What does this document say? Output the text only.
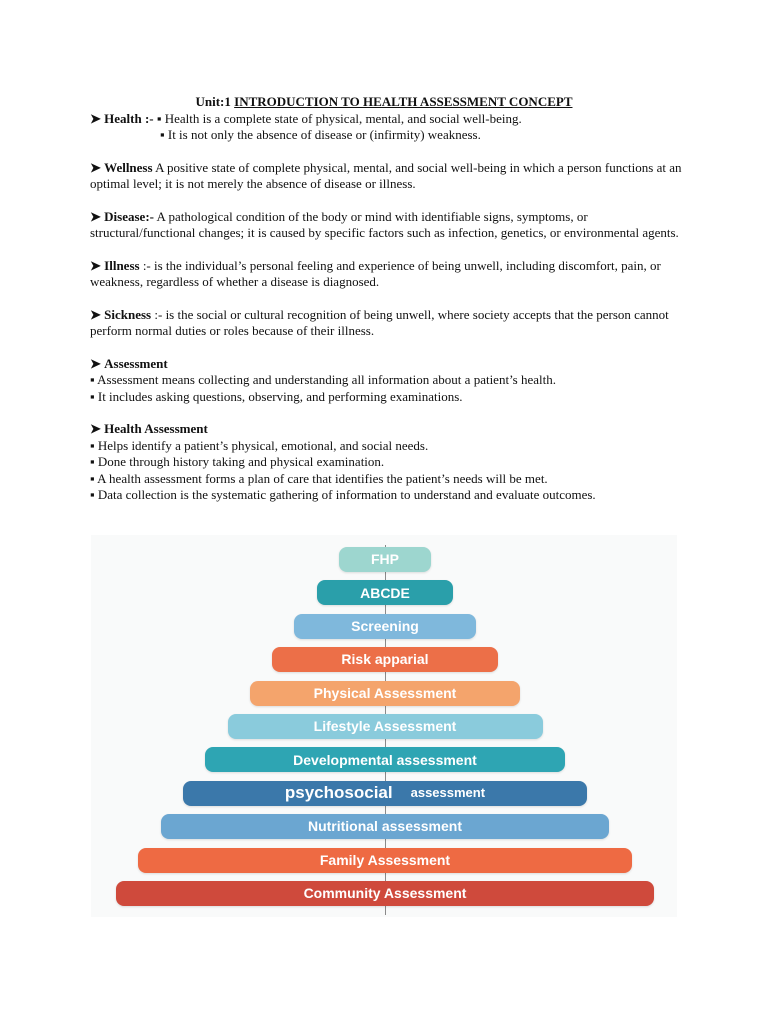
Unit:1 INTRODUCTION TO HEALTH ASSESSMENT CONCEPT
➤ Health :- ▪ Health is a complete state of physical, mental, and social well-being.
▪ It is not only the absence of disease or (infirmity) weakness.
➤ Wellness A positive state of complete physical, mental, and social well-being in which a person functions at an optimal level; it is not merely the absence of disease or illness.
➤ Disease:- A pathological condition of the body or mind with identifiable signs, symptoms, or structural/functional changes; it is caused by specific factors such as infection, genetics, or environmental agents.
➤ Illness :- is the individual’s personal feeling and experience of being unwell, including discomfort, pain, or weakness, regardless of whether a disease is diagnosed.
➤ Sickness :- is the social or cultural recognition of being unwell, where society accepts that the person cannot perform normal duties or roles because of their illness.
➤ Assessment
▪ Assessment means collecting and understanding all information about a patient’s health.
▪ It includes asking questions, observing, and performing examinations.
➤ Health Assessment
▪ Helps identify a patient’s physical, emotional, and social needs.
▪ Done through history taking and physical examination.
▪ A health assessment forms a plan of care that identifies the patient’s needs will be met.
▪ Data collection is the systematic gathering of information to understand and evaluate outcomes.
FHP
ABCDE
Screening
Risk apparial
Physical Assessment
Lifestyle Assessment
Developmental assessment
psychosocial assessment
Nutritional assessment
Family Assessment
Community Assessment
